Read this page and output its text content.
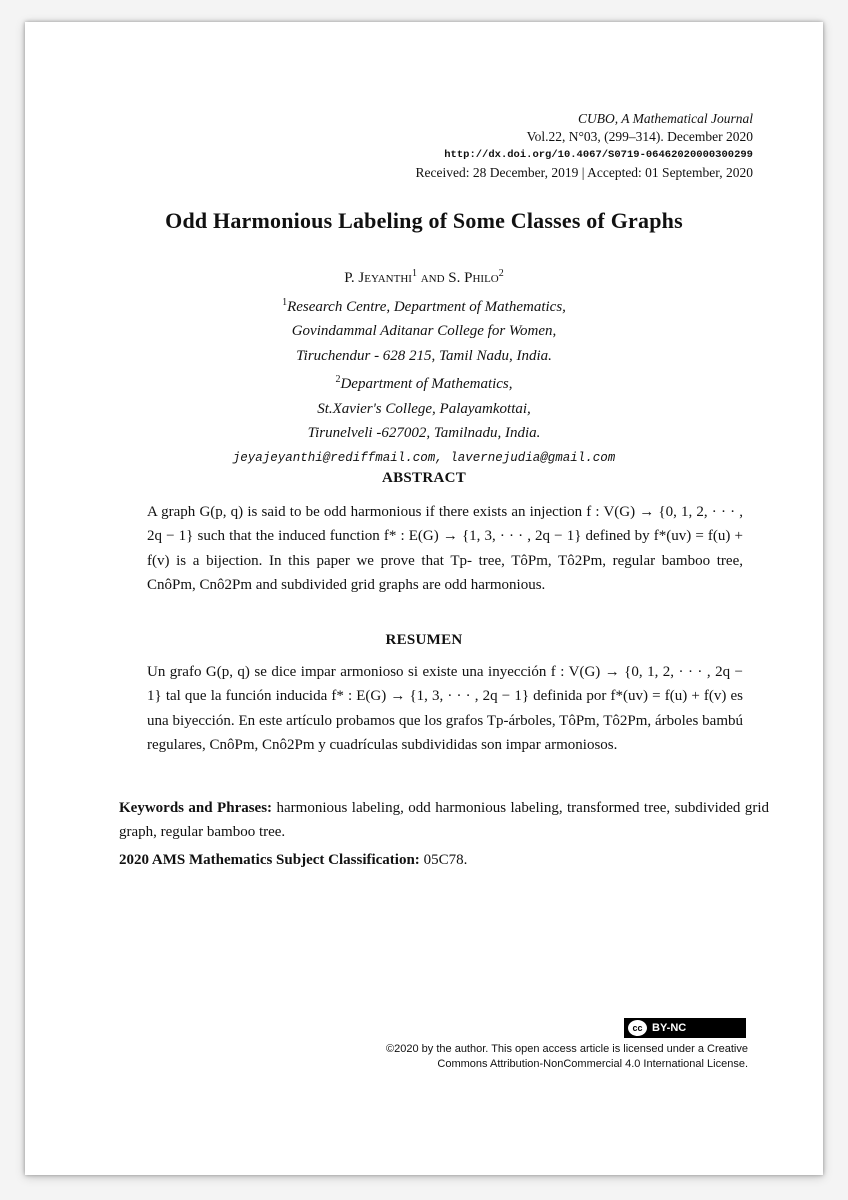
CUBO, A Mathematical Journal
Vol.22, N°03, (299–314). December 2020
http://dx.doi.org/10.4067/S0719-06462020000300299
Received: 28 December, 2019 | Accepted: 01 September, 2020
Odd Harmonious Labeling of Some Classes of Graphs
P. Jeyanthi$^1$ and S. Philo$^2$
$^1$Research Centre, Department of Mathematics,
Govindammal Aditanar College for Women,
Tiruchendur - 628 215, Tamil Nadu, India.
$^2$Department of Mathematics,
St.Xavier's College, Palayamkottai,
Tirunelveli -627002, Tamilnadu, India.
jeyajeyanthi@rediffmail.com, lavernejudia@gmail.com
ABSTRACT
A graph G(p, q) is said to be odd harmonious if there exists an injection f : V(G) → {0, 1, 2, · · · , 2q − 1} such that the induced function f* : E(G) → {1, 3, · · · , 2q − 1} defined by f*(uv) = f(u) + f(v) is a bijection. In this paper we prove that Tp- tree, TôPm, Tô2Pm, regular bamboo tree, CnôPm, Cnô2Pm and subdivided grid graphs are odd harmonious.
RESUMEN
Un grafo G(p, q) se dice impar armonioso si existe una inyección f : V(G) → {0, 1, 2, · · · , 2q − 1} tal que la función inducida f* : E(G) → {1, 3, · · · , 2q − 1} definida por f*(uv) = f(u) + f(v) es una biyección. En este artículo probamos que los grafos Tp-árboles, TôPm, Tô2Pm, árboles bambú regulares, CnôPm, Cnô2Pm y cuadrículas subdivididas son impar armoniosos.
Keywords and Phrases: harmonious labeling, odd harmonious labeling, transformed tree, subdivided grid graph, regular bamboo tree.
2020 AMS Mathematics Subject Classification: 05C78.
cc BY-NC
©2020 by the author. This open access article is licensed under a Creative
Commons Attribution-NonCommercial 4.0 International License.
